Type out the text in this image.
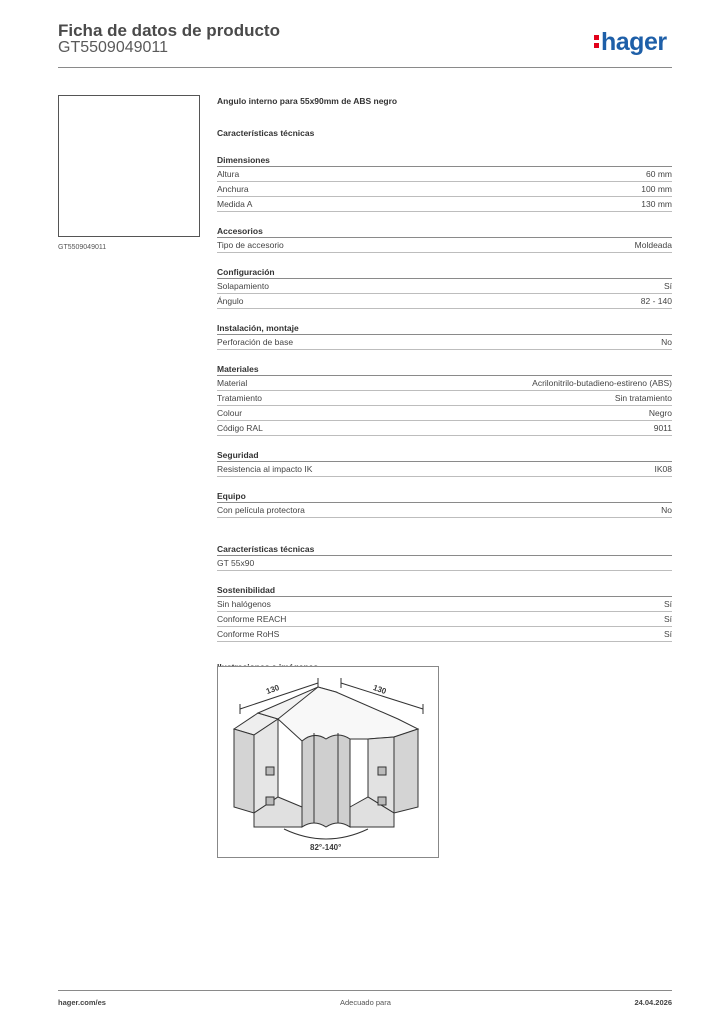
Ficha de datos de producto
GT5509049011	hager
GT5509049011
Angulo interno para 55x90mm de ABS negro
Características técnicas
Dimensiones
Altura	60 mm
Anchura	100 mm
Medida A	130 mm
Accesorios
Tipo de accesorio	Moldeada
Configuración
Solapamiento	Sí
Ángulo	82 - 140
Instalación, montaje
Perforación de base	No
Materiales
Material	Acrilonitrilo-butadieno-estireno (ABS)
Tratamiento	Sin tratamiento
Colour	Negro
Código RAL	9011
Seguridad
Resistencia al impacto IK	IK08
Equipo
Con película protectora	No
Características técnicas
GT 55x90
Sostenibilidad
Sin halógenos	Sí
Conforme REACH	Sí
Conforme RoHS	Sí
130	130
82°-140°
hager.com/es	Adecuado para	24.04.2026
